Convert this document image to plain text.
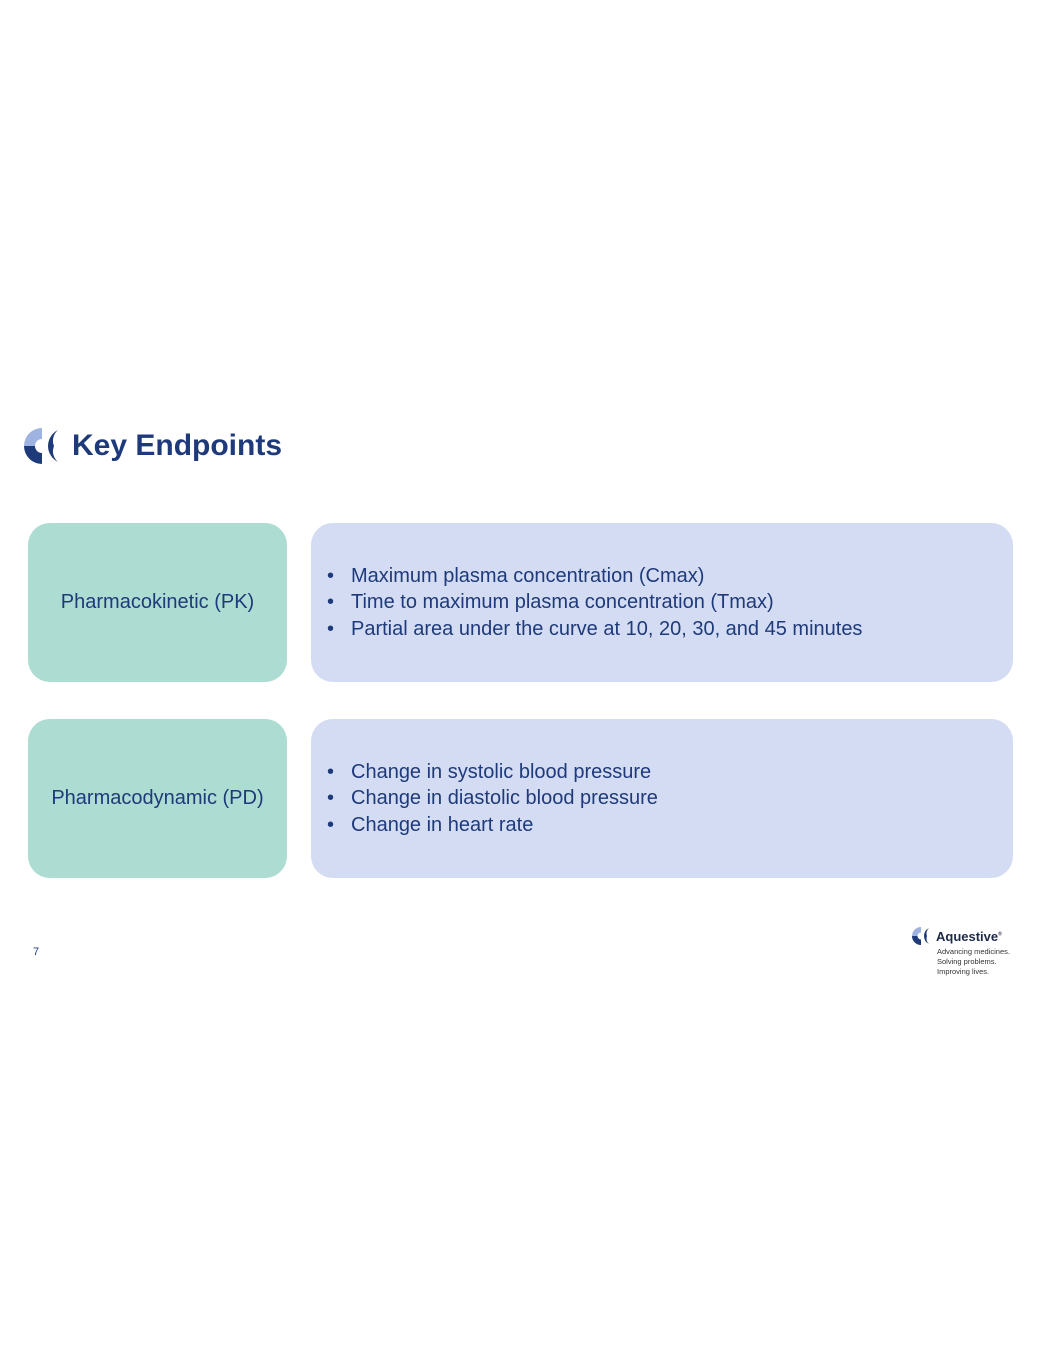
Key Endpoints
Pharmacokinetic (PK)
• Maximum plasma concentration (Cmax)
• Time to maximum plasma concentration (Tmax)
• Partial area under the curve at 10, 20, 30, and 45 minutes
Pharmacodynamic (PD)
• Change in systolic blood pressure
• Change in diastolic blood pressure
• Change in heart rate
7
Aquestive®
Advancing medicines.
Solving problems.
Improving lives.
